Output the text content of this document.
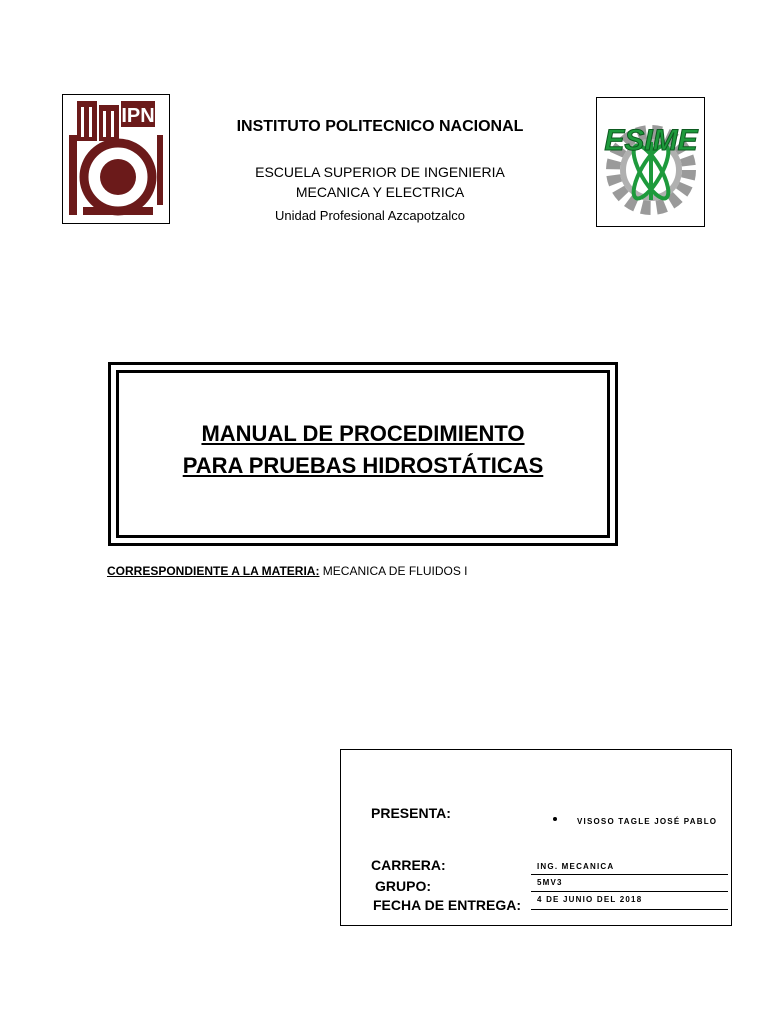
IPN
ESIME
INSTITUTO POLITECNICO NACIONAL
ESCUELA SUPERIOR DE INGENIERIA
MECANICA Y ELECTRICA
Unidad Profesional Azcapotzalco
MANUAL DE PROCEDIMIENTO
PARA PRUEBAS HIDROSTÁTICAS
CORRESPONDIENTE A LA MATERIA: MECANICA DE FLUIDOS I
PRESENTA:
VISOSO TAGLE JOSÉ PABLO
CARRERA:	ING. MECANICA
GRUPO:	5MV3
FECHA DE ENTREGA: 4 DE JUNIO DEL 2018
